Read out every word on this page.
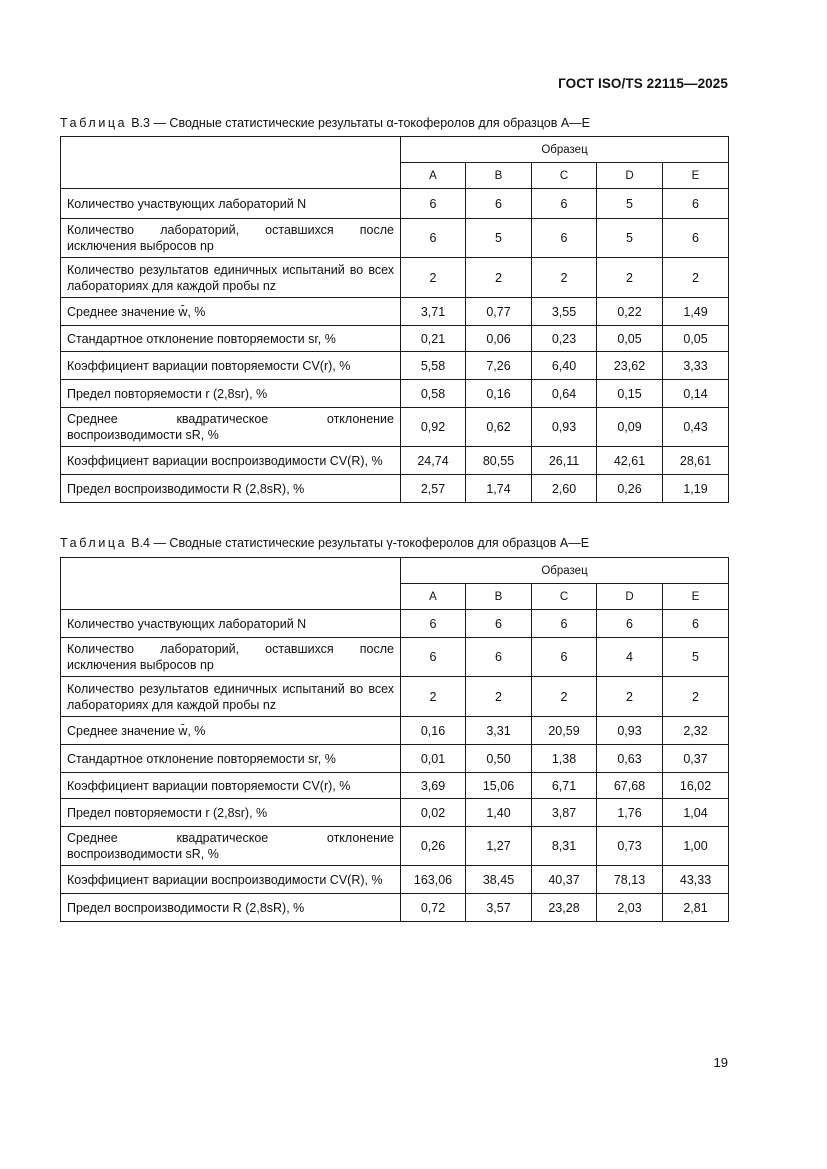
ГОСТ ISO/TS 22115—2025
Таблица В.3 — Сводные статистические результаты α-токоферолов для образцов А—Е
	Образец				
	A	B	C	D	E
Количество участвующих лабораторий N	6	6	6	5	6
Количество лабораторий, оставшихся после исключения выбросов np	6	5	6	5	6
Количество результатов единичных испытаний во всех лабораториях для каждой пробы nz	2	2	2	2	2
Среднее значение w̄, %	3,71	0,77	3,55	0,22	1,49
Стандартное отклонение повторяемости sr, %	0,21	0,06	0,23	0,05	0,05
Коэффициент вариации повторяемости CV(r), %	5,58	7,26	6,40	23,62	3,33
Предел повторяемости r (2,8sr), %	0,58	0,16	0,64	0,15	0,14
Среднее квадратическое отклонение воспроизводимости sR, %	0,92	0,62	0,93	0,09	0,43
Коэффициент вариации воспроизводимости CV(R), %	24,74	80,55	26,11	42,61	28,61
Предел воспроизводимости R (2,8sR), %	2,57	1,74	2,60	0,26	1,19
Таблица В.4 — Сводные статистические результаты γ-токоферолов для образцов А—Е
	Образец				
	A	B	C	D	E
Количество участвующих лабораторий N	6	6	6	6	6
Количество лабораторий, оставшихся после исключения выбросов np	6	6	6	4	5
Количество результатов единичных испытаний во всех лабораториях для каждой пробы nz	2	2	2	2	2
Среднее значение w̄, %	0,16	3,31	20,59	0,93	2,32
Стандартное отклонение повторяемости sr, %	0,01	0,50	1,38	0,63	0,37
Коэффициент вариации повторяемости CV(r), %	3,69	15,06	6,71	67,68	16,02
Предел повторяемости r (2,8sr), %	0,02	1,40	3,87	1,76	1,04
Среднее квадратическое отклонение воспроизводимости sR, %	0,26	1,27	8,31	0,73	1,00
Коэффициент вариации воспроизводимости CV(R), %	163,06	38,45	40,37	78,13	43,33
Предел воспроизводимости R (2,8sR), %	0,72	3,57	23,28	2,03	2,81
19
